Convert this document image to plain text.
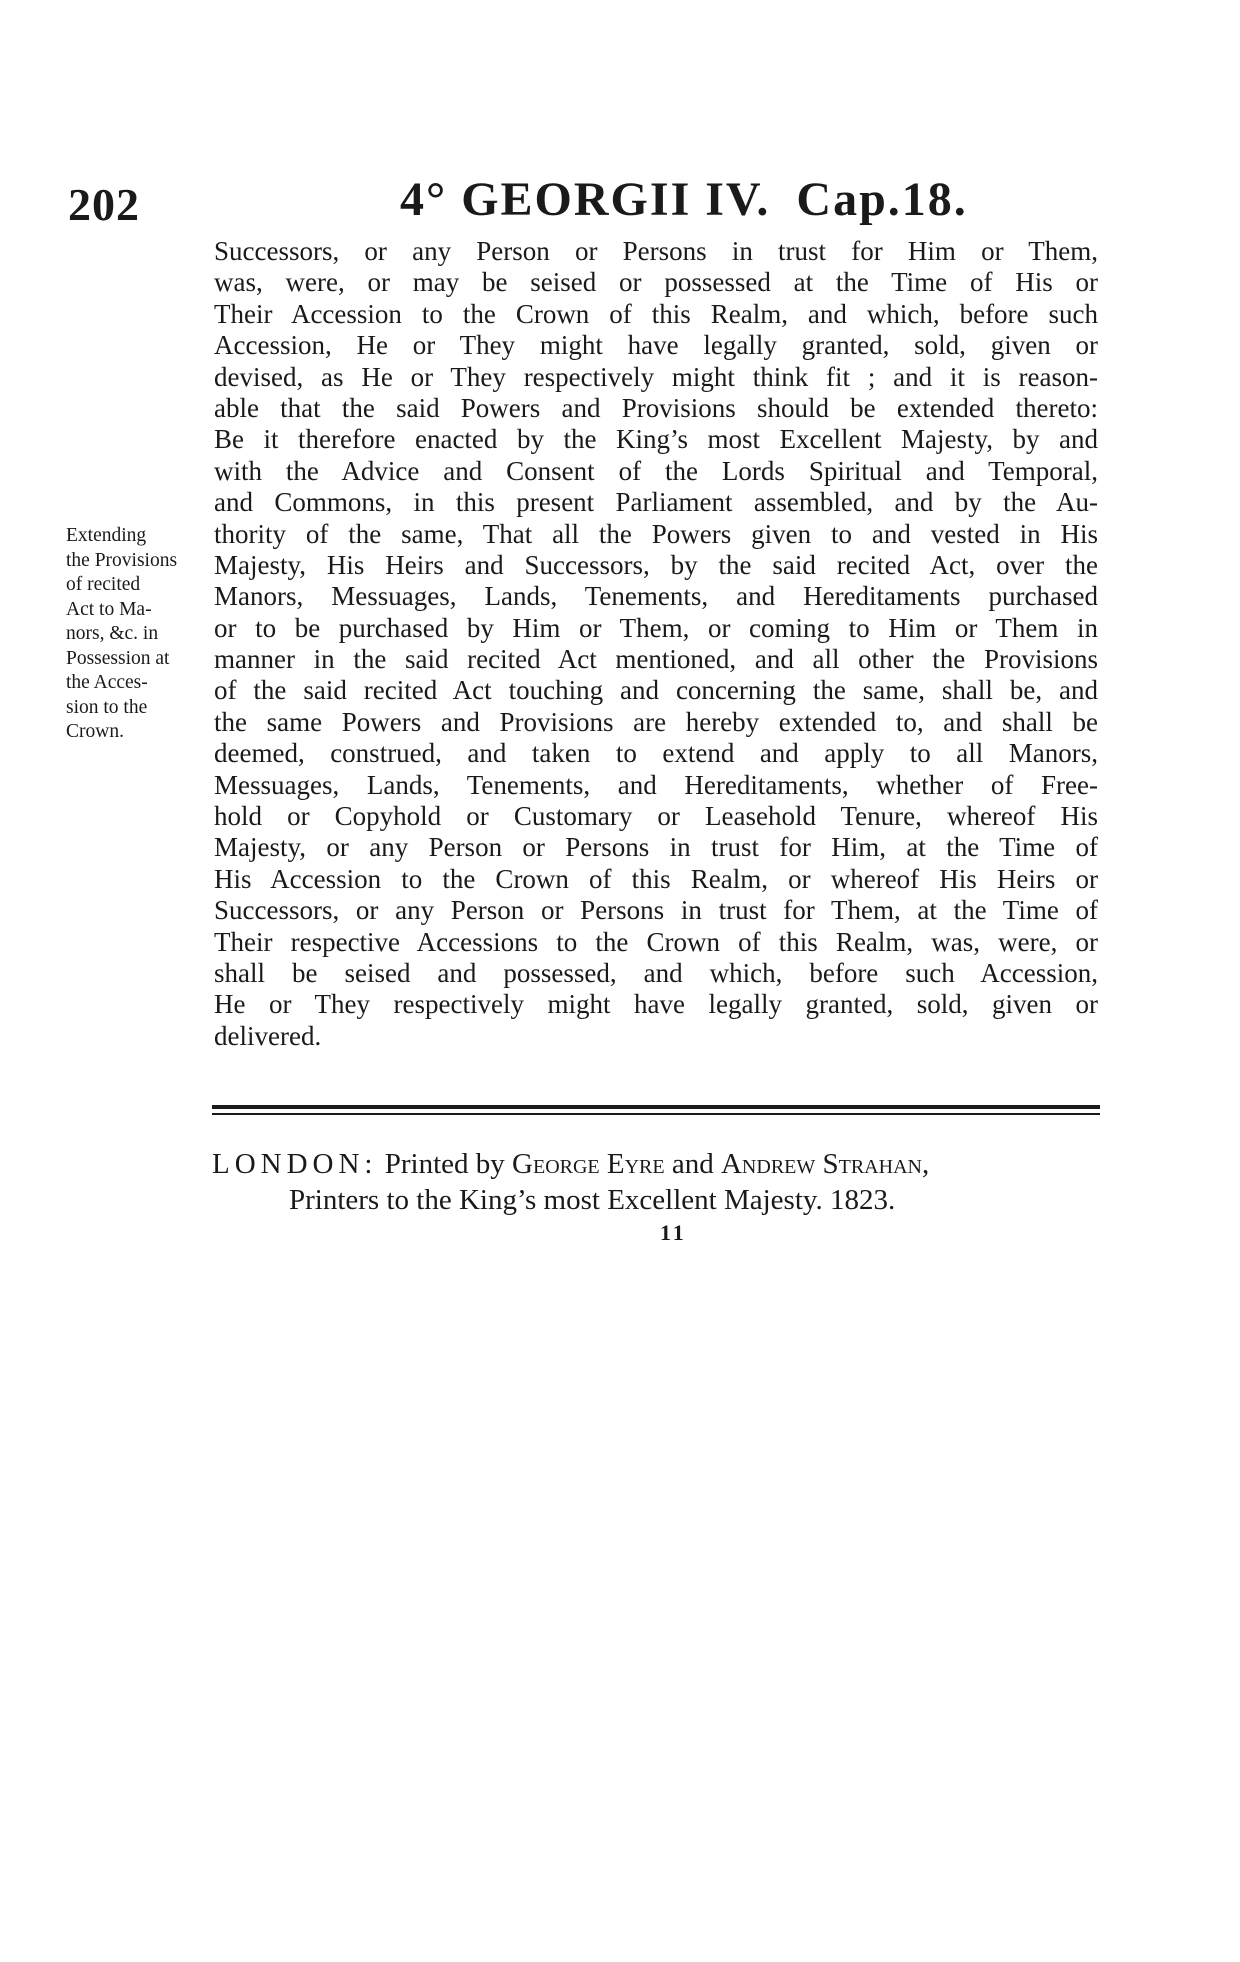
202	4° GEORGII IV. Cap.18.
Extending
the Provisions
of recited
Act to Ma-
nors, &c. in
Possession at
the Acces-
sion to the
Crown.
Successors, or any Person or Persons in trust for Him or Them,
was, were, or may be seised or possessed at the Time of His or
Their Accession to the Crown of this Realm, and which, before such
Accession, He or They might have legally granted, sold, given or
devised, as He or They respectively might think fit ; and it is reason-
able that the said Powers and Provisions should be extended thereto:
Be it therefore enacted by the King’s most Excellent Majesty, by and
with the Advice and Consent of the Lords Spiritual and Temporal,
and Commons, in this present Parliament assembled, and by the Au-
thority of the same, That all the Powers given to and vested in His
Majesty, His Heirs and Successors, by the said recited Act, over the
Manors, Messuages, Lands, Tenements, and Hereditaments purchased
or to be purchased by Him or Them, or coming to Him or Them in
manner in the said recited Act mentioned, and all other the Provisions
of the said recited Act touching and concerning the same, shall be, and
the same Powers and Provisions are hereby extended to, and shall be
deemed, construed, and taken to extend and apply to all Manors,
Messuages, Lands, Tenements, and Hereditaments, whether of Free-
hold or Copyhold or Customary or Leasehold Tenure, whereof His
Majesty, or any Person or Persons in trust for Him, at the Time of
His Accession to the Crown of this Realm, or whereof His Heirs or
Successors, or any Person or Persons in trust for Them, at the Time of
Their respective Accessions to the Crown of this Realm, was, were, or
shall be seised and possessed, and which, before such Accession,
He or They respectively might have legally granted, sold, given or
delivered.
LONDON: Printed by George Eyre and Andrew Strahan,
Printers to the King’s most Excellent Majesty. 1823.
11
